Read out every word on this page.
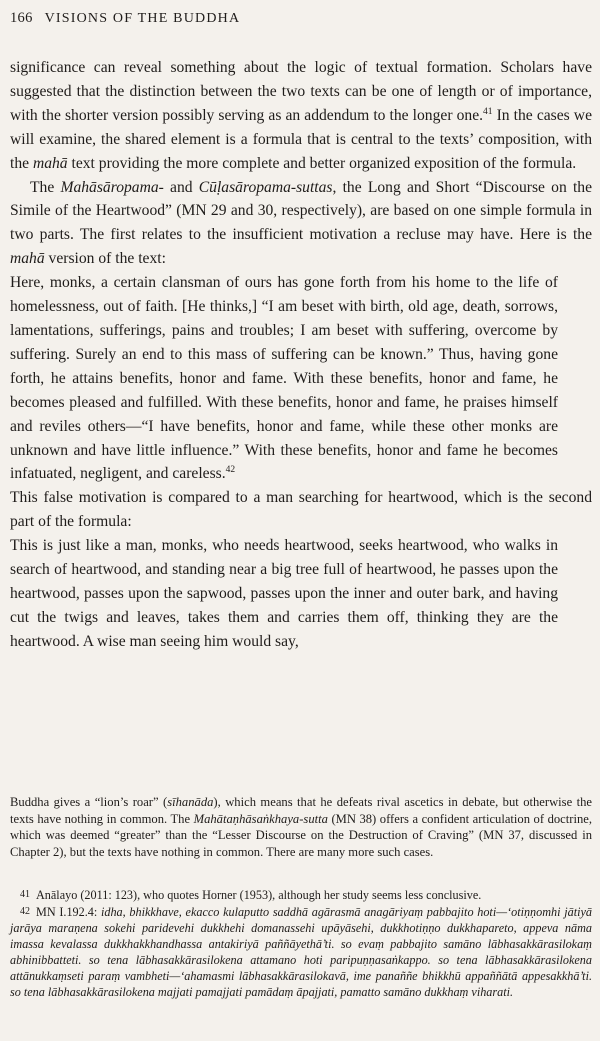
166 VISIONS OF THE BUDDHA

significance can reveal something about the logic of textual formation. Scholars have suggested that the distinction between the two texts can be one of length or of importance, with the shorter version possibly serving as an addendum to the longer one.$^{41}$ In the cases we will examine, the shared element is a formula that is central to the texts’ composition, with the mahā text providing the more complete and better organized exposition of the formula.

The Mahāsāropama- and Cūḷasāropama-suttas, the Long and Short “Discourse on the Simile of the Heartwood” (MN 29 and 30, respectively), are based on one simple formula in two parts. The first relates to the insufficient motivation a recluse may have. Here is the mahā version of the text:

Here, monks, a certain clansman of ours has gone forth from his home to the life of homelessness, out of faith. [He thinks,] “I am beset with birth, old age, death, sorrows, lamentations, sufferings, pains and troubles; I am beset with suffering, overcome by suffering. Surely an end to this mass of suffering can be known.” Thus, having gone forth, he attains benefits, honor and fame. With these benefits, honor and fame, he becomes pleased and fulfilled. With these benefits, honor and fame, he praises himself and reviles others—“I have benefits, honor and fame, while these other monks are unknown and have little influence.” With these benefits, honor and fame he becomes infatuated, negligent, and careless.$^{42}$

This false motivation is compared to a man searching for heartwood, which is the second part of the formula:

This is just like a man, monks, who needs heartwood, seeks heartwood, who walks in search of heartwood, and standing near a big tree full of heartwood, he passes upon the heartwood, passes upon the sapwood, passes upon the inner and outer bark, and having cut the twigs and leaves, takes them and carries them off, thinking they are the heartwood. A wise man seeing him would say,

Buddha gives a “lion’s roar” (sīhanāda), which means that he defeats rival ascetics in debate, but otherwise the texts have nothing in common. The Mahātaṇhāsaṅkhaya-sutta (MN 38) offers a confident articulation of doctrine, which was deemed “greater” than the “Lesser Discourse on the Destruction of Craving” (MN 37, discussed in Chapter 2), but the texts have nothing in common. There are many more such cases.
41 Anālayo (2011: 123), who quotes Horner (1953), although her study seems less conclusive.
42 MN I.192.4: idha, bhikkhave, ekacco kulaputto saddhā agārasmā anagāriyaṃ pabbajito hoti—‘otiṇṇomhi jātiyā jarāya maraṇena sokehi paridevehi dukkhehi domanassehi upāyāsehi, dukkhotiṇṇo dukkhapareto, appeva nāma imassa kevalassa dukkhakkhandhassa antakiriyā paññāyethā’ti. so evaṃ pabbajito samāno lābhasakkārasilokaṃ abhinibbatteti. so tena lābhasakkārasilokena attamano hoti paripuṇṇasaṅkappo. so tena lābhasakkārasilokena attānukkaṃseti paraṃ vambheti—‘ahamasmi lābhasakkārasilokavā, ime panaññe bhikkhū appaññātā appesakkhā’ti. so tena lābhasakkārasilokena majjati pamajjati pamādaṃ āpajjati, pamatto samāno dukkhaṃ viharati.
